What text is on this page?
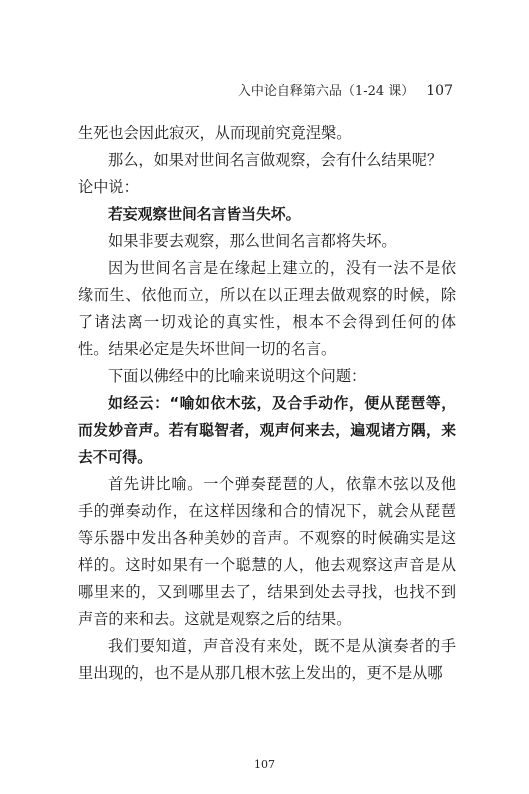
入中论自释第六品（1-24 课） 107

生死也会因此寂灭，从而现前究竟涅槃。

那么，如果对世间名言做观察，会有什么结果呢？

论中说：

若妄观察世间名言皆当失坏。

如果非要去观察，那么世间名言都将失坏。

因为世间名言是在缘起上建立的，没有一法不是依缘而生、依他而立，所以在以正理去做观察的时候，除了诸法离一切戏论的真实性，根本不会得到任何的体性。结果必定是失坏世间一切的名言。

下面以佛经中的比喻来说明这个问题：

如经云：“喻如依木弦，及合手动作，便从琵琶等，而发妙音声。若有聪智者，观声何来去，遍观诸方隅，来去不可得。

首先讲比喻。一个弹奏琵琶的人，依靠木弦以及他手的弹奏动作，在这样因缘和合的情况下，就会从琵琶等乐器中发出各种美妙的音声。不观察的时候确实是这样的。这时如果有一个聪慧的人，他去观察这声音是从哪里来的，又到哪里去了，结果到处去寻找，也找不到声音的来和去。这就是观察之后的结果。

我们要知道，声音没有来处，既不是从演奏者的手里出现的，也不是从那几根木弦上发出的，更不是从哪

107
